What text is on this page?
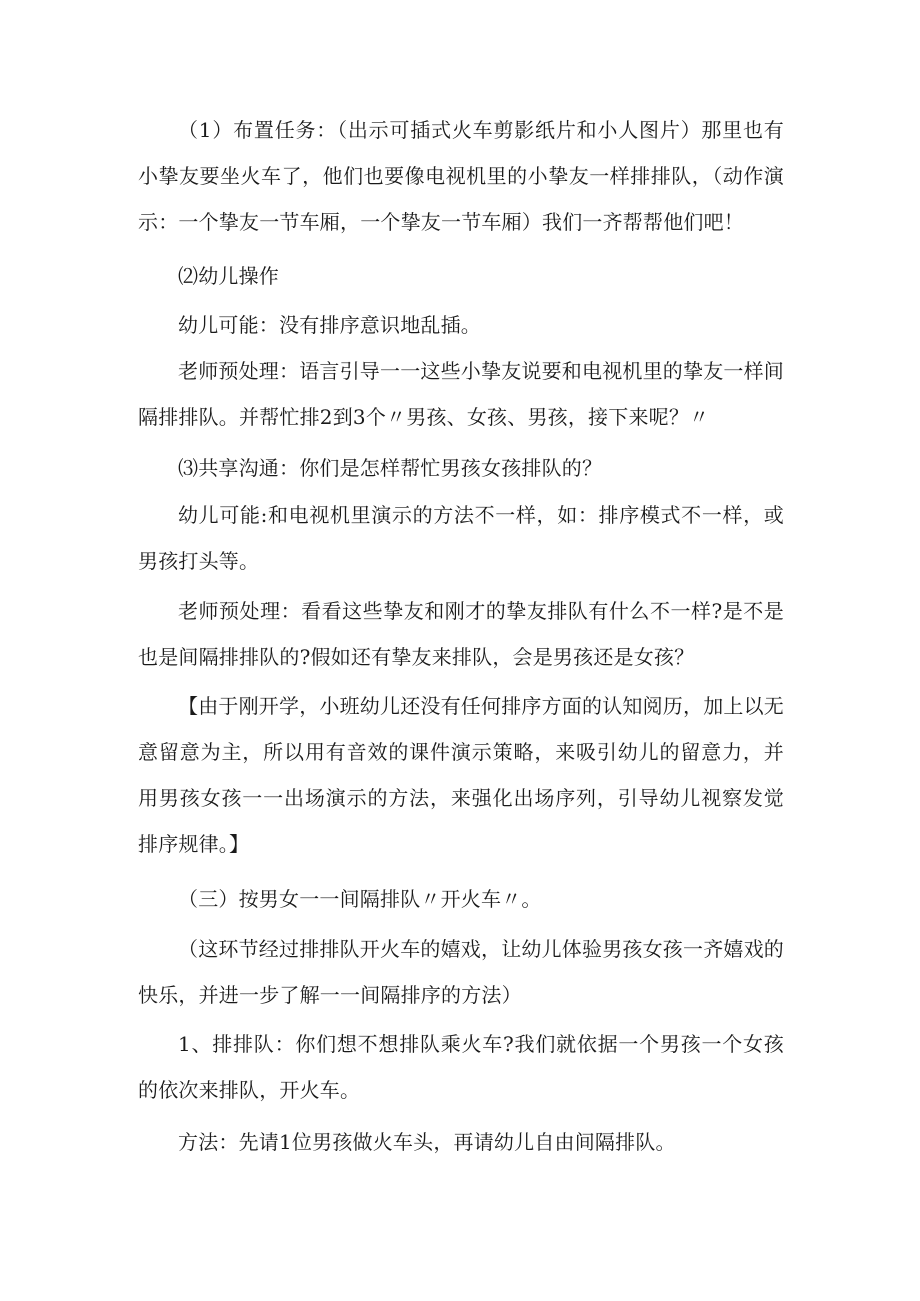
（1）布置任务：（出示可插式火车剪影纸片和小人图片）那里也有小挚友要坐火车了，他们也要像电视机里的小挚友一样排排队，（动作演示：一个挚友一节车厢，一个挚友一节车厢）我们一齐帮帮他们吧！

⑵幼儿操作

幼儿可能：没有排序意识地乱插。

老师预处理：语言引导一一这些小挚友说要和电视机里的挚友一样间隔排排队。并帮忙排2到3个〃男孩、女孩、男孩，接下来呢？〃

⑶共享沟通：你们是怎样帮忙男孩女孩排队的？

幼儿可能:和电视机里演示的方法不一样，如：排序模式不一样，或男孩打头等。

老师预处理：看看这些挚友和刚才的挚友排队有什么不一样?是不是也是间隔排排队的?假如还有挚友来排队，会是男孩还是女孩？

【由于刚开学，小班幼儿还没有任何排序方面的认知阅历，加上以无意留意为主，所以用有音效的课件演示策略，来吸引幼儿的留意力，并用男孩女孩一一出场演示的方法，来强化出场序列，引导幼儿视察发觉排序规律。】

（三）按男女一一间隔排队〃开火车〃。

（这环节经过排排队开火车的嬉戏，让幼儿体验男孩女孩一齐嬉戏的快乐，并进一步了解一一间隔排序的方法）

1、排排队：你们想不想排队乘火车?我们就依据一个男孩一个女孩的依次来排队，开火车。

方法：先请1位男孩做火车头，再请幼儿自由间隔排队。
